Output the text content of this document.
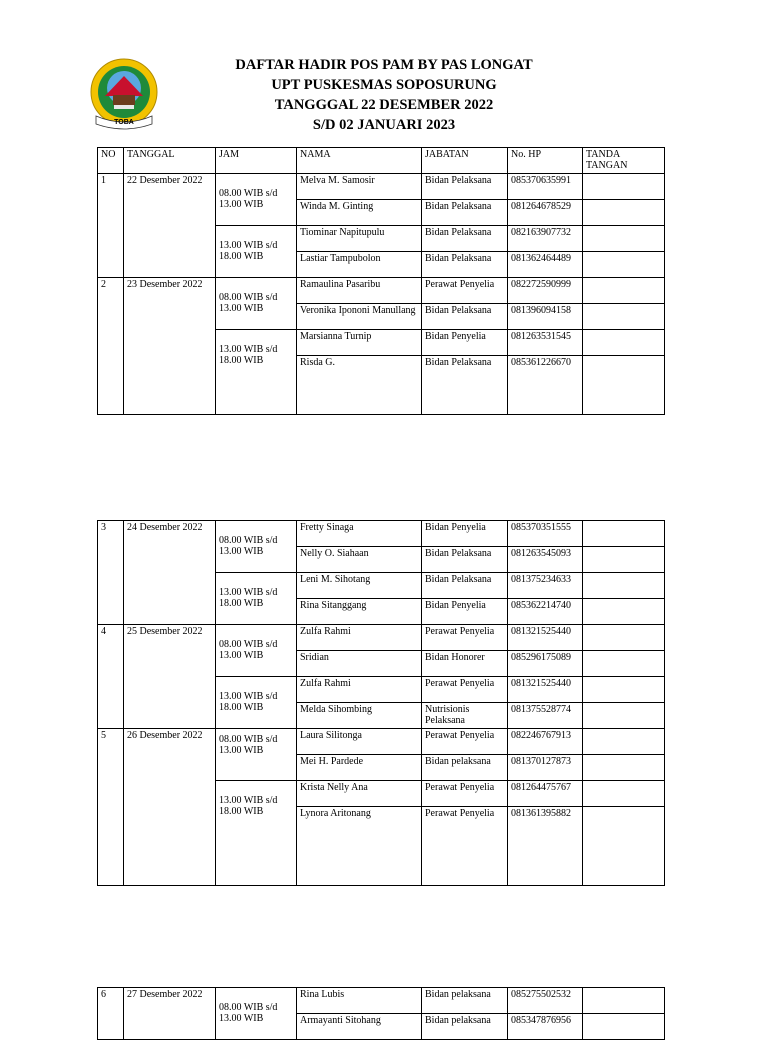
TOBA
DAFTAR HADIR POS PAM BY PAS LONGAT
UPT PUSKESMAS SOPOSURUNG
TANGGGAL 22 DESEMBER 2022
S/D 02 JANUARI 2023
NO	TANGGAL	JAM	NAMA	JABATAN	No. HP	TANDA TANGAN
1	22 Desember 2022	08.00 WIB s/d
13.00 WIB	Melva M. Samosir	Bidan Pelaksana	085370635991	
			Winda M. Ginting	Bidan Pelaksana	081264678529	

		13.00 WIB s/d
18.00 WIB	Tiominar Napitupulu	Bidan Pelaksana	082163907732	
			Lastiar Tampubolon	Bidan Pelaksana	081362464489	
2	23 Desember 2022	08.00 WIB s/d
13.00 WIB	Ramaulina Pasaribu	Perawat Penyelia	082272590999	
			Veronika Ipononi Manullang	Bidan Pelaksana	081396094158	

		13.00 WIB s/d
18.00 WIB	Marsianna Turnip	Bidan Penyelia	081263531545	
			Risda G.	Bidan Pelaksana	085361226670	

3	24 Desember 2022	08.00 WIB s/d
13.00 WIB	Fretty Sinaga	Bidan Penyelia	085370351555	
			Nelly O. Siahaan	Bidan Pelaksana	081263545093	

		13.00 WIB s/d
18.00 WIB	Leni M. Sihotang	Bidan Pelaksana	081375234633	
			Rina Sitanggang	Bidan Penyelia	085362214740	
4	25 Desember 2022	08.00 WIB s/d
13.00 WIB	Zulfa Rahmi	Perawat Penyelia	081321525440	
			Sridian	Bidan Honorer	085296175089	

		13.00 WIB s/d
18.00 WIB	Zulfa Rahmi	Perawat Penyelia	081321525440	
			Melda Sihombing	Nutrisionis Pelaksana	081375528774	
5	26 Desember 2022	08.00 WIB s/d
13.00 WIB	Laura Silitonga	Perawat Penyelia	082246767913	
			Mei H. Pardede	Bidan pelaksana	081370127873	

		13.00 WIB s/d
18.00 WIB	Krista Nelly Ana	Perawat Penyelia	081264475767	
			Lynora Aritonang	Perawat Penyelia	081361395882	

6	27 Desember 2022	08.00 WIB s/d
13.00 WIB	Rina Lubis	Bidan pelaksana	085275502532	
			Armayanti Sitohang	Bidan pelaksana	085347876956	
